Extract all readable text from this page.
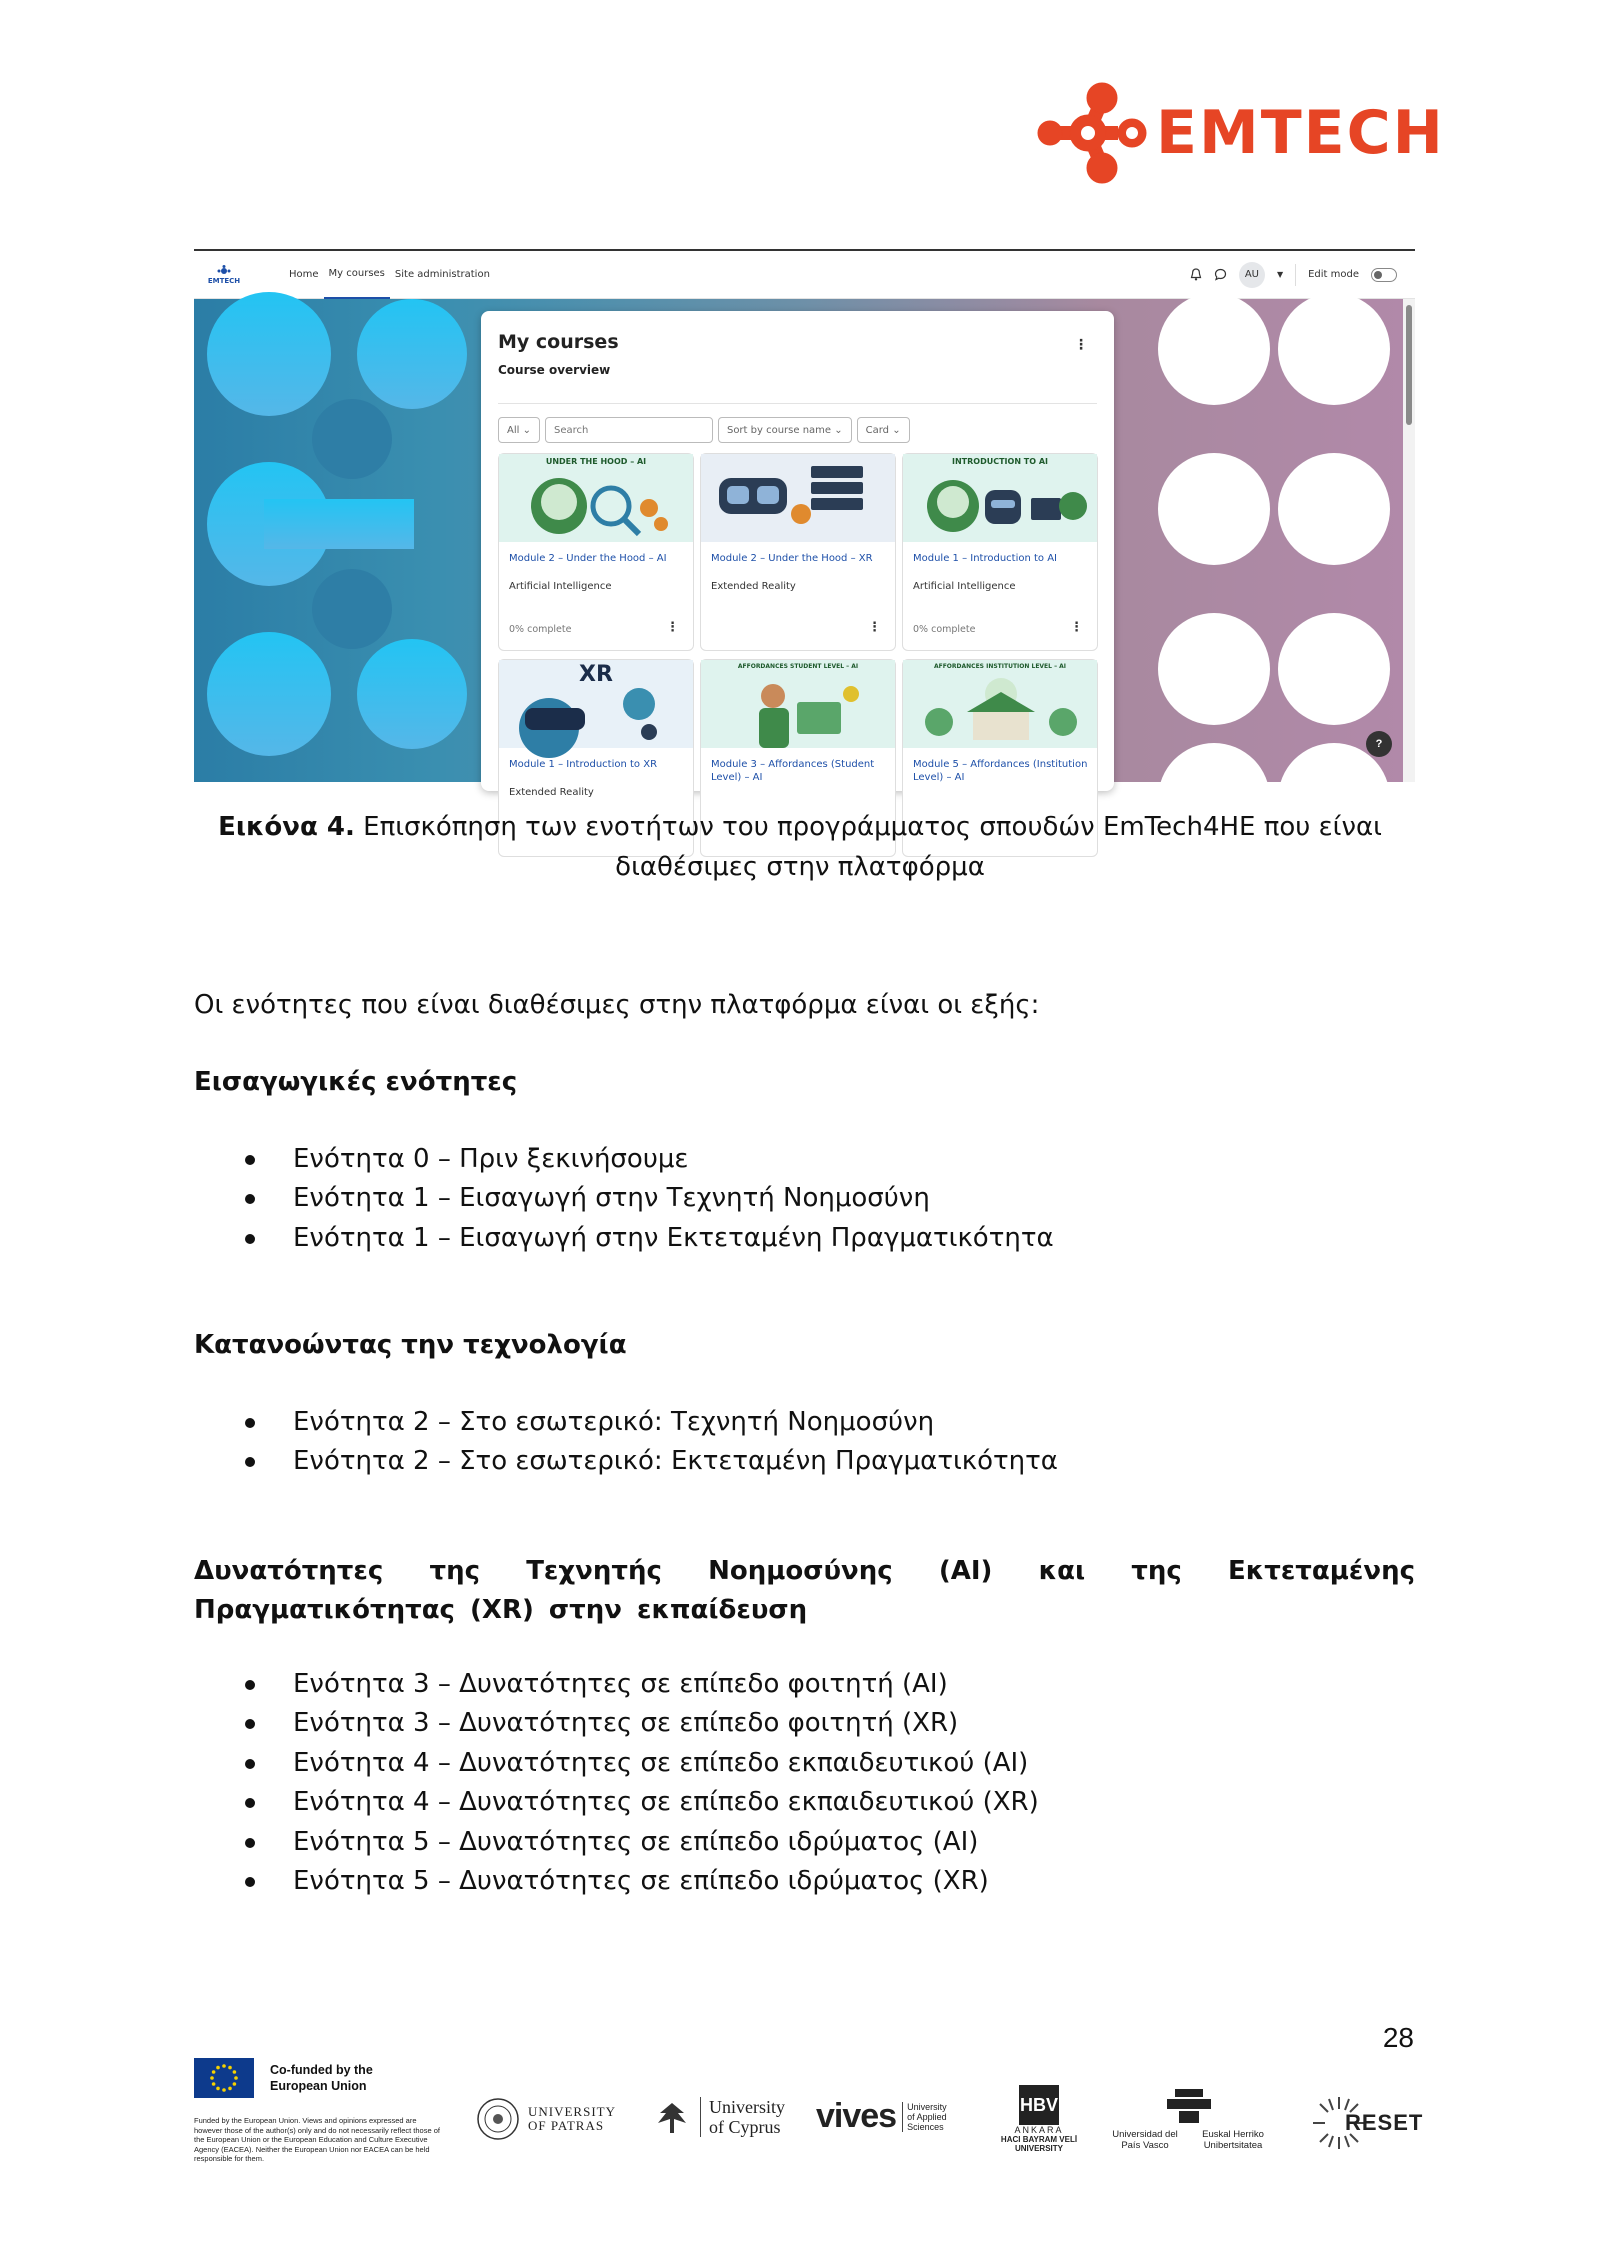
EMTECH
EMTECH
Home	My courses	Site administration	AU	▼	Edit mode
My courses
Course overview
⋮
All ⌄
Search	Sort by course name ⌄	Card ⌄
UNDER THE HOOD – AI
Module 2 – Under the Hood – AI
Artificial Intelligence
0% complete	⋮
Module 2 – Under the Hood – XR
Extended Reality
⋮
INTRODUCTION TO AI
Module 1 – Introduction to AI
Artificial Intelligence
0% complete	⋮
XR
Module 1 – Introduction to XR
Extended Reality
AFFORDANCES STUDENT LEVEL – AI
Module 3 – Affordances (Student Level) – AI
AFFORDANCES INSTITUTION LEVEL – AI
Module 5 – Affordances (Institution Level) – AI
?
Εικόνα 4. Επισκόπηση των ενοτήτων του προγράμματος σπουδών EmTech4HE που είναι διαθέσιμες στην πλατφόρμα

Οι ενότητες που είναι διαθέσιμες στην πλατφόρμα είναι οι εξής:

Εισαγωγικές ενότητες

Ενότητα 0 – Πριν ξεκινήσουμε
Ενότητα 1 – Εισαγωγή στην Τεχνητή Νοημοσύνη
Ενότητα 1 – Εισαγωγή στην Εκτεταμένη Πραγματικότητα

Κατανοώντας την τεχνολογία

Ενότητα 2 – Στο εσωτερικό: Τεχνητή Νοημοσύνη
Ενότητα 2 – Στο εσωτερικό: Εκτεταμένη Πραγματικότητα

Δυνατότητες της Τεχνητής Νοημοσύνης (AI) και της Εκτεταμένης Πραγματικότητας (XR) στην εκπαίδευση

Ενότητα 3 – Δυνατότητες σε επίπεδο φοιτητή (AI)
Ενότητα 3 – Δυνατότητες σε επίπεδο φοιτητή (XR)
Ενότητα 4 – Δυνατότητες σε επίπεδο εκπαιδευτικού (AI)
Ενότητα 4 – Δυνατότητες σε επίπεδο εκπαιδευτικού (XR)
Ενότητα 5 – Δυνατότητες σε επίπεδο ιδρύματος (AI)
Ενότητα 5 – Δυνατότητες σε επίπεδο ιδρύματος (XR)
28
Co-funded by the European Union
Funded by the European Union. Views and opinions expressed are however those of the author(s) only and do not necessarily reflect those of the European Union or the European Education and Culture Executive Agency (EACEA). Neither the European Union nor EACEA can be held responsible for them.
UNIVERSITY OF PATRAS
University of Cyprus	vives	University of Applied Sciences
HBV
ANKARA
HACI BAYRAM VELİ UNIVERSITY
Universidad del País Vasco
Euskal Herriko Unibertsitatea
RESET
